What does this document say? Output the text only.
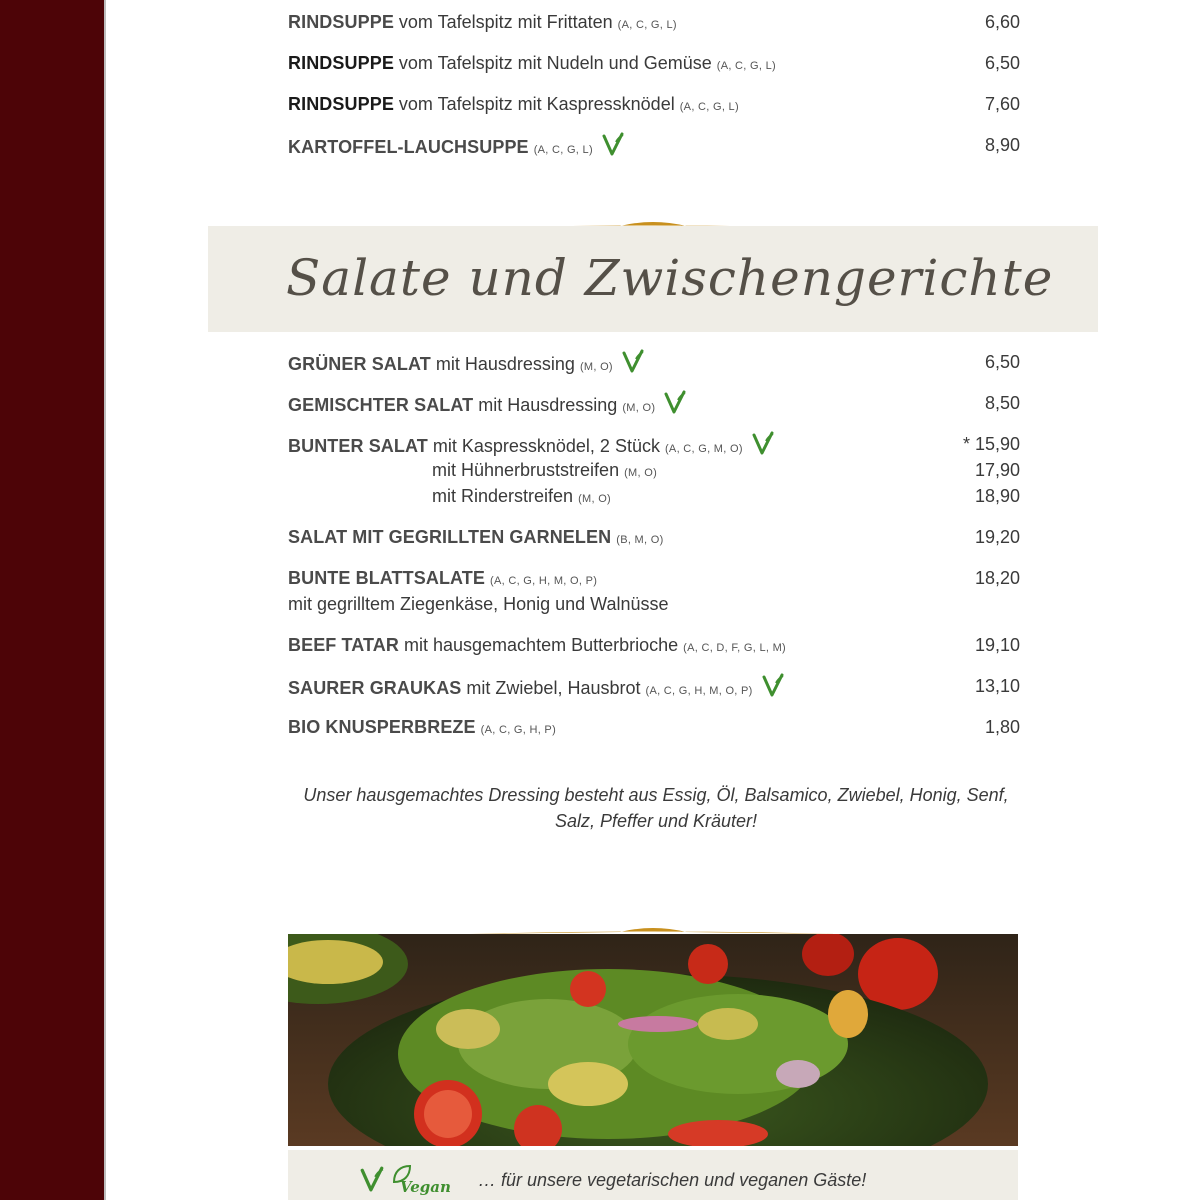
RINDSUPPE vom Tafelspitz mit Frittaten (A, C, G, L)	6,60
RINDSUPPE vom Tafelspitz mit Nudeln und Gemüse (A, C, G, L)	6,50
RINDSUPPE vom Tafelspitz mit Kaspressknödel (A, C, G, L)	7,60
KARTOFFEL-LAUCHSUPPE (A, C, G, L)	8,90
Salate und Zwischengerichte
GRÜNER SALAT mit Hausdressing (M, O)	6,50
GEMISCHTER SALAT mit Hausdressing (M, O)	8,50
BUNTER SALAT mit Kaspressknödel, 2 Stück (A, C, G, M, O)	* 15,90
mit Hühnerbruststreifen (M, O)	17,90
mit Rinderstreifen (M, O)	18,90
SALAT MIT GEGRILLTEN GARNELEN (B, M, O)	19,20
BUNTE BLATTSALATE (A, C, G, H, M, O, P)	18,20
mit gegrilltem Ziegenkäse, Honig und Walnüsse
BEEF TATAR mit hausgemachtem Butterbrioche (A, C, D, F, G, L, M)	19,10
SAURER GRAUKAS mit Zwiebel, Hausbrot (A, C, G, H, M, O, P)	13,10
BIO KNUSPERBREZE (A, C, G, H, P)	1,80
Unser hausgemachtes Dressing besteht aus Essig, Öl, Balsamico, Zwiebel, Honig, Senf, Salz, Pfeffer und Kräuter!
Vegan … für unsere vegetarischen und veganen Gäste!
